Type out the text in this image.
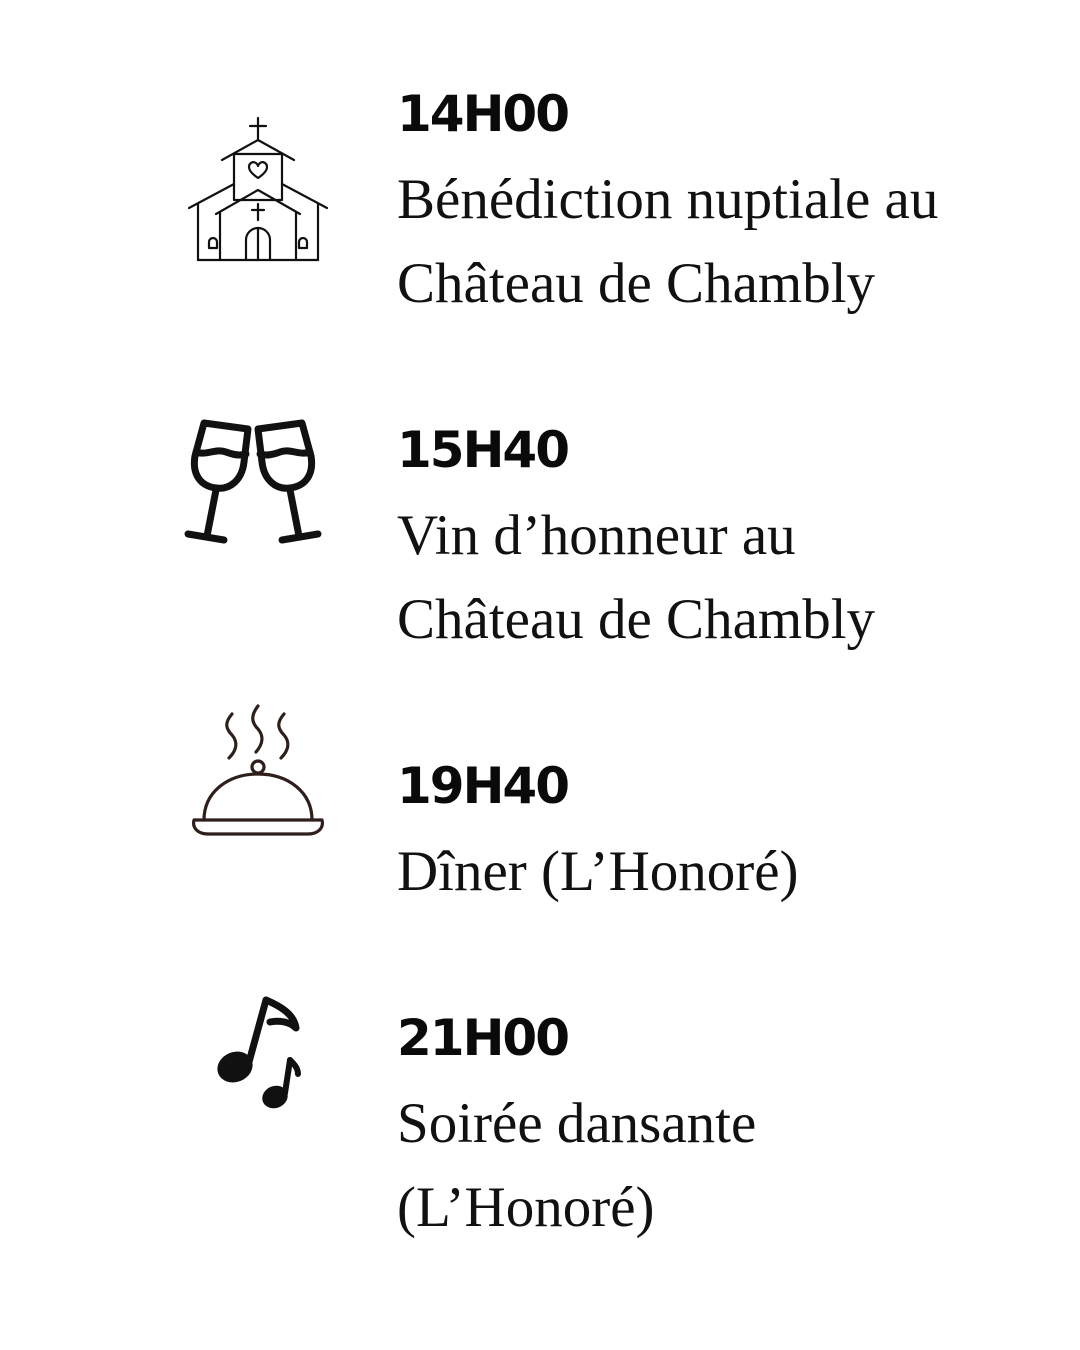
14H00
Bénédiction nuptiale au
Château de Chambly
15H40
Vin d’honneur au
Château de Chambly
19H40
Dîner (L’Honoré)
21H00
Soirée dansante
(L’Honoré)
